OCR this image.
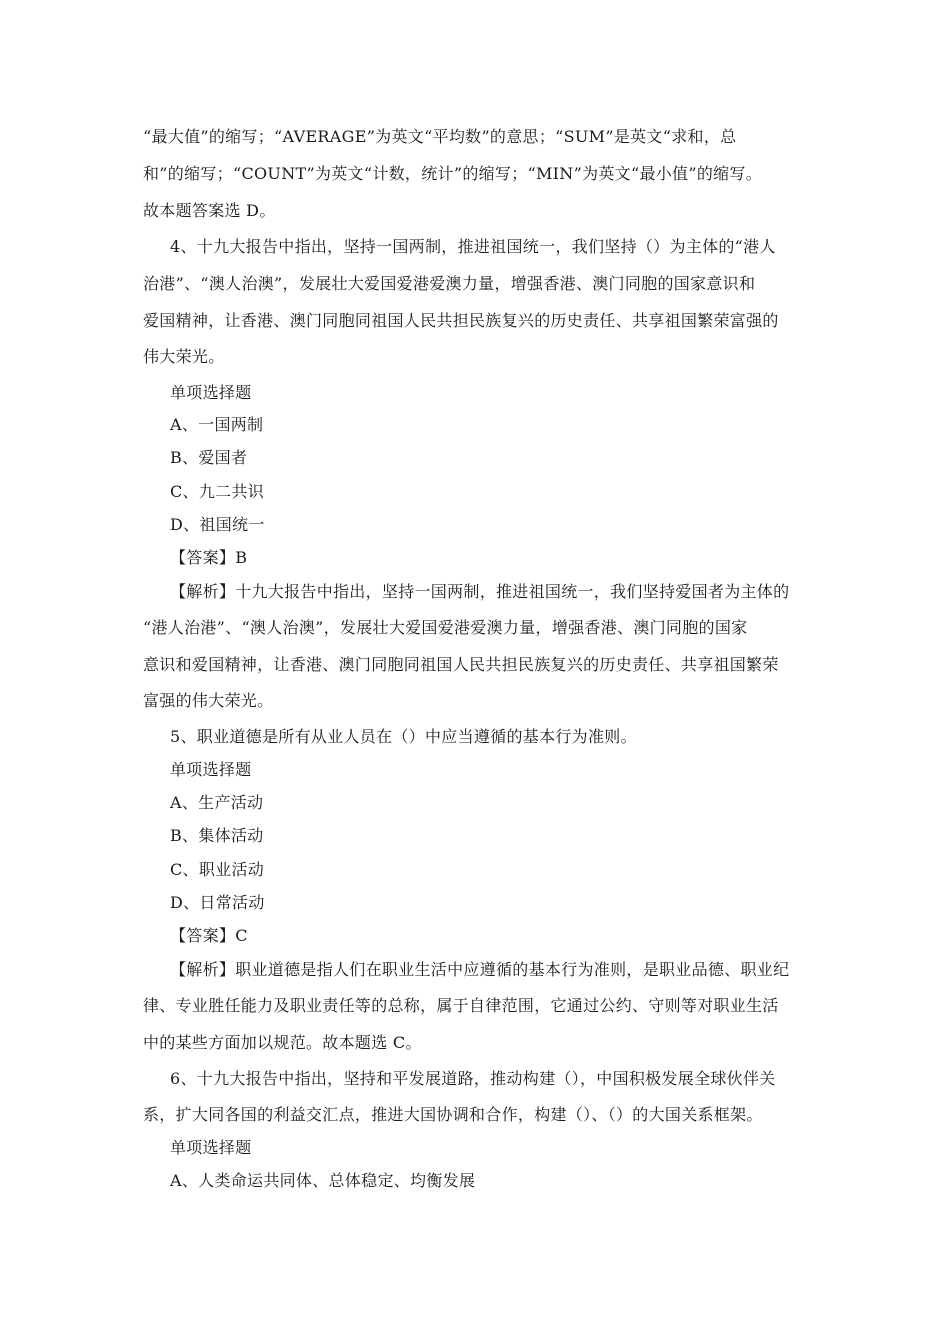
“最大值”的缩写；“AVERAGE”为英文“平均数”的意思；“SUM”是英文“求和，总
和”的缩写；“COUNT”为英文“计数，统计”的缩写；“MIN”为英文“最小值”的缩写。
故本题答案选 D。
4、十九大报告中指出，坚持一国两制，推进祖国统一，我们坚持（）为主体的“港人
治港”、“澳人治澳”，发展壮大爱国爱港爱澳力量，增强香港、澳门同胞的国家意识和
爱国精神，让香港、澳门同胞同祖国人民共担民族复兴的历史责任、共享祖国繁荣富强的
伟大荣光。
单项选择题
A、一国两制
B、爱国者
C、九二共识
D、祖国统一
【答案】B
【解析】十九大报告中指出，坚持一国两制，推进祖国统一，我们坚持爱国者为主体的
“港人治港”、“澳人治澳”，发展壮大爱国爱港爱澳力量，增强香港、澳门同胞的国家
意识和爱国精神，让香港、澳门同胞同祖国人民共担民族复兴的历史责任、共享祖国繁荣
富强的伟大荣光。
5、职业道德是所有从业人员在（）中应当遵循的基本行为准则。
单项选择题
A、生产活动
B、集体活动
C、职业活动
D、日常活动
【答案】C
【解析】职业道德是指人们在职业生活中应遵循的基本行为准则，是职业品德、职业纪
律、专业胜任能力及职业责任等的总称，属于自律范围，它通过公约、守则等对职业生活
中的某些方面加以规范。故本题选 C。
6、十九大报告中指出，坚持和平发展道路，推动构建（），中国积极发展全球伙伴关
系，扩大同各国的利益交汇点，推进大国协调和合作，构建（）、（）的大国关系框架。
单项选择题
A、人类命运共同体、总体稳定、均衡发展
